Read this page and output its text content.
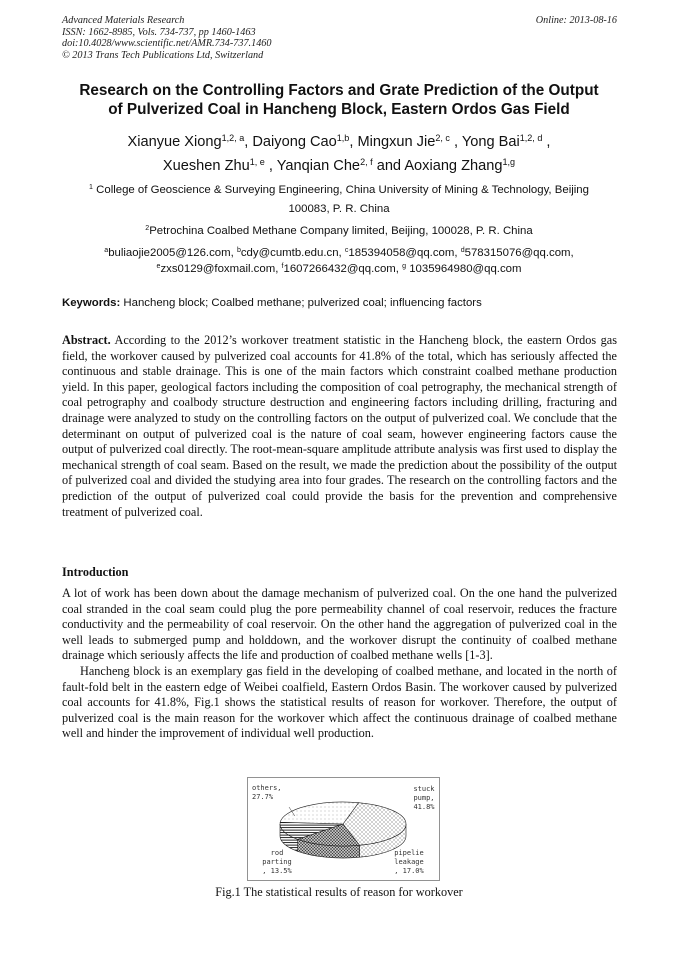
Advanced Materials Research
ISSN: 1662-8985, Vols. 734-737, pp 1460-1463
doi:10.4028/www.scientific.net/AMR.734-737.1460
© 2013 Trans Tech Publications Ltd, Switzerland
Online: 2013-08-16
Research on the Controlling Factors and Grate Prediction of the Output
of Pulverized Coal in Hancheng Block, Eastern Ordos Gas Field
Xianyue Xiong$^{1,2, a}$, Daiyong Cao$^{1,b}$, Mingxun Jie$^{2, c}$ , Yong Bai$^{1,2, d}$ ,
Xueshen Zhu$^{1, e}$ , Yanqian Che$^{2, f}$ and Aoxiang Zhang$^{1,g}$
$^1$ College of Geoscience & Surveying Engineering, China University of Mining & Technology, Beijing
100083, P. R. China
$^2$Petrochina Coalbed Methane Company limited, Beijing, 100028, P. R. China
$^a$buliaojie2005@126.com, $^b$cdy@cumtb.edu.cn, $^c$185394058@qq.com, $^d$578315076@qq.com,
$^e$zxs0129@foxmail.com, $^f$1607266432@qq.com, $^g$ 1035964980@qq.com
Keywords: Hancheng block; Coalbed methane; pulverized coal; influencing factors
Abstract. According to the 2012’s workover treatment statistic in the Hancheng block, the eastern Ordos gas field, the workover caused by pulverized coal accounts for 41.8% of the total, which has seriously affected the continuous and stable drainage. This is one of the main factors which constraint coalbed methane production yield. In this paper, geological factors including the composition of coal petrography, the mechanical strength of coal petrography and coalbody structure destruction and engineering factors including drilling, fracturing and drainage were analyzed to study on the controlling factors on the output of pulverized coal. We conclude that the determinant on output of pulverized coal is the nature of coal seam, however engineering factors cause the output of pulverized coal directly. The root-mean-square amplitude attribute analysis was first used to display the mechanical strength of coal seam. Based on the result, we made the prediction about the possibility of the output of pulverized coal and divided the studying area into four grades. The research on the controlling factors and the prediction of the output of pulverized coal could provide the basis for the prevention and comprehensive treatment of pulverized coal.
Introduction

A lot of work has been down about the damage mechanism of pulverized coal. On the one hand the pulverized coal stranded in the coal seam could plug the pore permeability channel of coal reservoir, reduces the fracture conductivity and the permeability of coal reservoir. On the other hand the aggregation of pulverized coal in the well leads to submerged pump and holddown, and the workover disrupt the continuity of coalbed methane drainage which seriously affects the life and production of coalbed methane wells [1-3].

Hancheng block is an exemplary gas field in the developing of coalbed methane, and located in the north of fault-fold belt in the eastern edge of Weibei coalfield, Eastern Ordos Basin. The workover caused by pulverized coal accounts for 41.8%, Fig.1 shows the statistical results of reason for workover. Therefore, the output of pulverized coal is the main reason for the workover which affect the continuous drainage of coalbed methane well and hinder the improvement of individual well production.

stuck
pump,
41.8%
pipelie
leakage
, 17.0%
rod
parting
, 13.5%
others,
27.7%
Fig.1 The statistical results of reason for workover
